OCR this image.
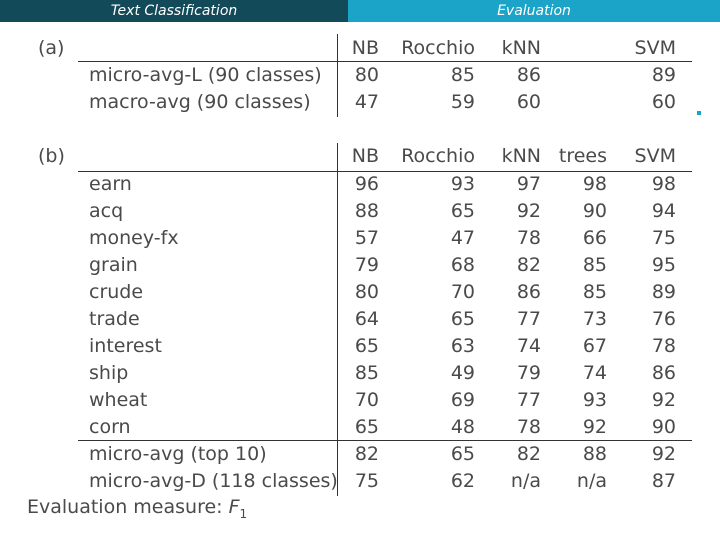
Text Classification	Evaluation
(a)	NB Rocchio kNN	SVM
micro-avg-L (90 classes) 80	85 86	89
macro-avg (90 classes) 47	59 60	60
(b)	NB Rocchio kNN trees SVM
earn	96	93 97 98 98
acq	88	65 92 90 94
money-fx	57	47 78 66 75
grain	79	68 82 85 95
crude	80	70 86 85 89
trade	64	65 77 73 76
interest	65	63 74 67 78
ship	85	49 79 74 86
wheat	70	69 77 93 92
corn	65	48 78 92 90
micro-avg (top 10)	82	65 82 88 92
micro-avg-D (118 classes) 75	62 n/a n/a 87
Evaluation measure: $F_1$
